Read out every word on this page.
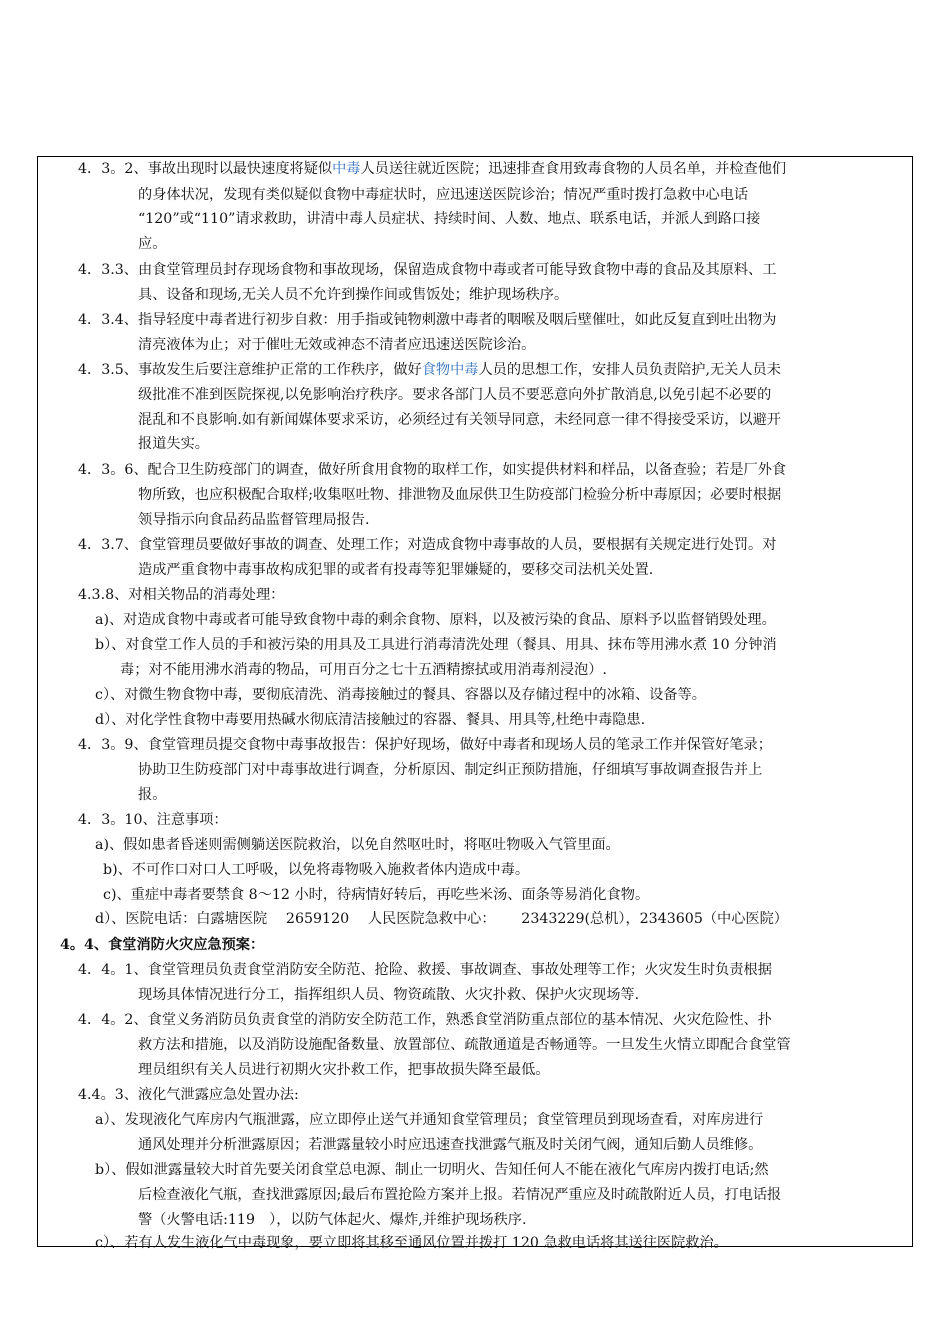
4．3。2、事故出现时以最快速度将疑似中毒人员送往就近医院；迅速排查食用致毒食物的人员名单，并检查他们
的身体状况，发现有类似疑似食物中毒症状时，应迅速送医院诊治；情况严重时拨打急救中心电话
“120”或“110”请求救助，讲清中毒人员症状、持续时间、人数、地点、联系电话，并派人到路口接
应。
4．3.3、由食堂管理员封存现场食物和事故现场，保留造成食物中毒或者可能导致食物中毒的食品及其原料、工
具、设备和现场,无关人员不允许到操作间或售饭处；维护现场秩序。
4．3.4、指导轻度中毒者进行初步自救：用手指或钝物刺激中毒者的咽喉及咽后壁催吐，如此反复直到吐出物为
清亮液体为止；对于催吐无效或神态不清者应迅速送医院诊治。
4．3.5、事故发生后要注意维护正常的工作秩序，做好食物中毒人员的思想工作，安排人员负责陪护,无关人员未
级批准不准到医院探视,以免影响治疗秩序。要求各部门人员不要恶意向外扩散消息,以免引起不必要的
混乱和不良影响.如有新闻媒体要求采访，必须经过有关领导同意，未经同意一律不得接受采访，以避开
报道失实。
4．3。6、配合卫生防疫部门的调查，做好所食用食物的取样工作，如实提供材料和样品，以备查验；若是厂外食
物所致，也应积极配合取样;收集呕吐物、排泄物及血尿供卫生防疫部门检验分析中毒原因；必要时根据
领导指示向食品药品监督管理局报告.
4．3.7、食堂管理员要做好事故的调查、处理工作；对造成食物中毒事故的人员，要根据有关规定进行处罚。对
造成严重食物中毒事故构成犯罪的或者有投毒等犯罪嫌疑的，要移交司法机关处置.
4.3.8、对相关物品的消毒处理：
a)、对造成食物中毒或者可能导致食物中毒的剩余食物、原料，以及被污染的食品、原料予以监督销毁处理。
b）、对食堂工作人员的手和被污染的用具及工具进行消毒清洗处理（餐具、用具、抹布等用沸水煮 10 分钟消
毒；对不能用沸水消毒的物品，可用百分之七十五酒精擦拭或用消毒剂浸泡）.
c）、对微生物食物中毒，要彻底清洗、消毒接触过的餐具、容器以及存储过程中的冰箱、设备等。
d）、对化学性食物中毒要用热碱水彻底清洁接触过的容器、餐具、用具等,杜绝中毒隐患.
4．3。9、食堂管理员提交食物中毒事故报告：保护好现场，做好中毒者和现场人员的笔录工作并保管好笔录；
协助卫生防疫部门对中毒事故进行调查，分析原因、制定纠正预防措施，仔细填写事故调查报告并上
报。
4．3。10、注意事项：
a)、假如患者昏迷则需侧躺送医院救治，以免自然呕吐时，将呕吐物吸入气管里面。
b)、不可作口对口人工呼吸，以免将毒物吸入施救者体内造成中毒。
c)、重症中毒者要禁食 8～12 小时，待病情好转后，再吃些米汤、面条等易消化食物。
d）、医院电话：白露塘医院　 2659120　 人民医院急救中心：　　 2343229(总机），2343605（中心医院）
4。4、食堂消防火灾应急预案：
4．4。1、食堂管理员负责食堂消防安全防范、抢险、救援、事故调查、事故处理等工作；火灾发生时负责根据
现场具体情况进行分工，指挥组织人员、物资疏散、火灾扑救、保护火灾现场等.
4．4。2、食堂义务消防员负责食堂的消防安全防范工作，熟悉食堂消防重点部位的基本情况、火灾危险性、扑
救方法和措施，以及消防设施配备数量、放置部位、疏散通道是否畅通等。一旦发生火情立即配合食堂管
理员组织有关人员进行初期火灾扑救工作，把事故损失降至最低。
4.4。3、液化气泄露应急处置办法:
a）、发现液化气库房内气瓶泄露，应立即停止送气并通知食堂管理员；食堂管理员到现场查看，对库房进行
通风处理并分析泄露原因；若泄露量较小时应迅速查找泄露气瓶及时关闭气阀，通知后勤人员维修。
b）、假如泄露量较大时首先要关闭食堂总电源、制止一切明火、告知任何人不能在液化气库房内拨打电话;然
后检查液化气瓶，查找泄露原因;最后布置抢险方案并上报。若情况严重应及时疏散附近人员，打电话报
警（火警电话:119　），以防气体起火、爆炸,并维护现场秩序.
c）、若有人发生液化气中毒现象，要立即将其移至通风位置并拨打 120 急救电话将其送往医院救治。
